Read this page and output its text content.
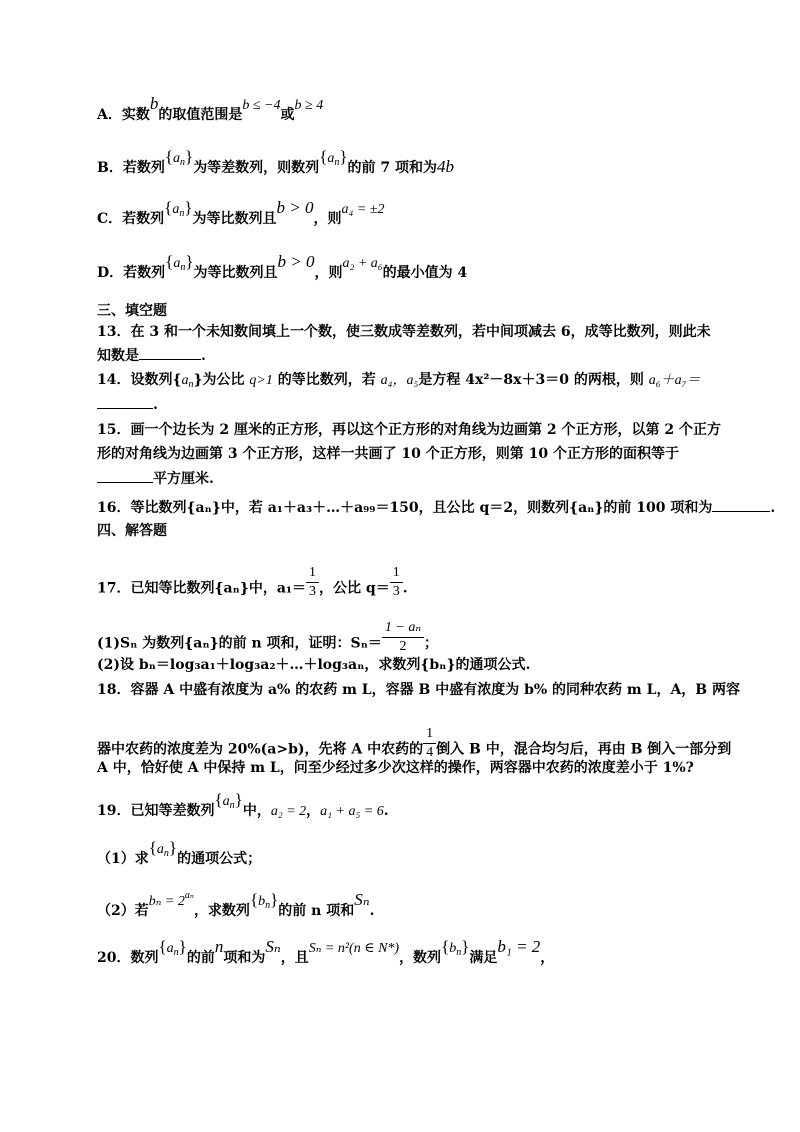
A．实数b的取值范围是b ≤ −4或b ≥ 4
B．若数列$\{a_n\}$为等差数列，则数列$\{a_n\}$的前 7 项和为4b
C．若数列$\{a_n\}$为等比数列且b > 0，则a₄ = ±2
D．若数列$\{a_n\}$为等比数列且b > 0，则a₂ + a₆的最小值为 4
三、填空题
13．在 3 和一个未知数间填上一个数，使三数成等差数列，若中间项减去 6，成等比数列，则此未
知数是	.
14．设数列$\{a_n\}$为公比 q>1 的等比数列，若 a₄，a₅是方程 4x²－8x＋3＝0 的两根，则 a₆＋a₇＝
.
15．画一个边长为 2 厘米的正方形，再以这个正方形的对角线为边画第 2 个正方形，以第 2 个正方
形的对角线为边画第 3 个正方形，这样一共画了 10 个正方形，则第 10 个正方形的面积等于
平方厘米.
16．等比数列{aₙ}中，若 a₁＋a₃＋…＋a₉₉＝150，且公比 q＝2，则数列{aₙ}的前 100 项和为	.
四、解答题
17．已知等比数列{aₙ}中，$a_1= \frac{1}{3}$ ，公比 $q= \frac{1}{3}$ .
(1)Sₙ 为数列{aₙ}的前 n 项和，证明：$S_n= \frac{\text{1 − aₙ}}{2}$ ；
(2)设 bₙ＝log₃a₁＋log₃a₂＋…＋log₃aₙ，求数列{bₙ}的通项公式.
18．容器 A 中盛有浓度为 a% 的农药 m L，容器 B 中盛有浓度为 b% 的同种农药 m L，A，B 两容
器中农药的浓度差为 20%(a>b)，先将 A 中农药的 $\frac{1}{4}$ 倒入 B 中，混合均匀后，再由 B 倒入一部分到
A 中，恰好使 A 中保持 m L，问至少经过多少次这样的操作，两容器中农药的浓度差小于 1%?
19．已知等差数列$\{a_n\}$中，a₂ = 2，a₁ + a₅ = 6.
（1）求$\{a_n\}$的通项公式；
（2）若$b_n = 2^{a_n}$，求数列$\{b_n\}$的前 n 项和Sₙ.
20．数列$\{a_n\}$的前n项和为Sₙ，且Sₙ = n²(n ∈ N*)，数列$\{b_n\}$满足b₁ = 2，
